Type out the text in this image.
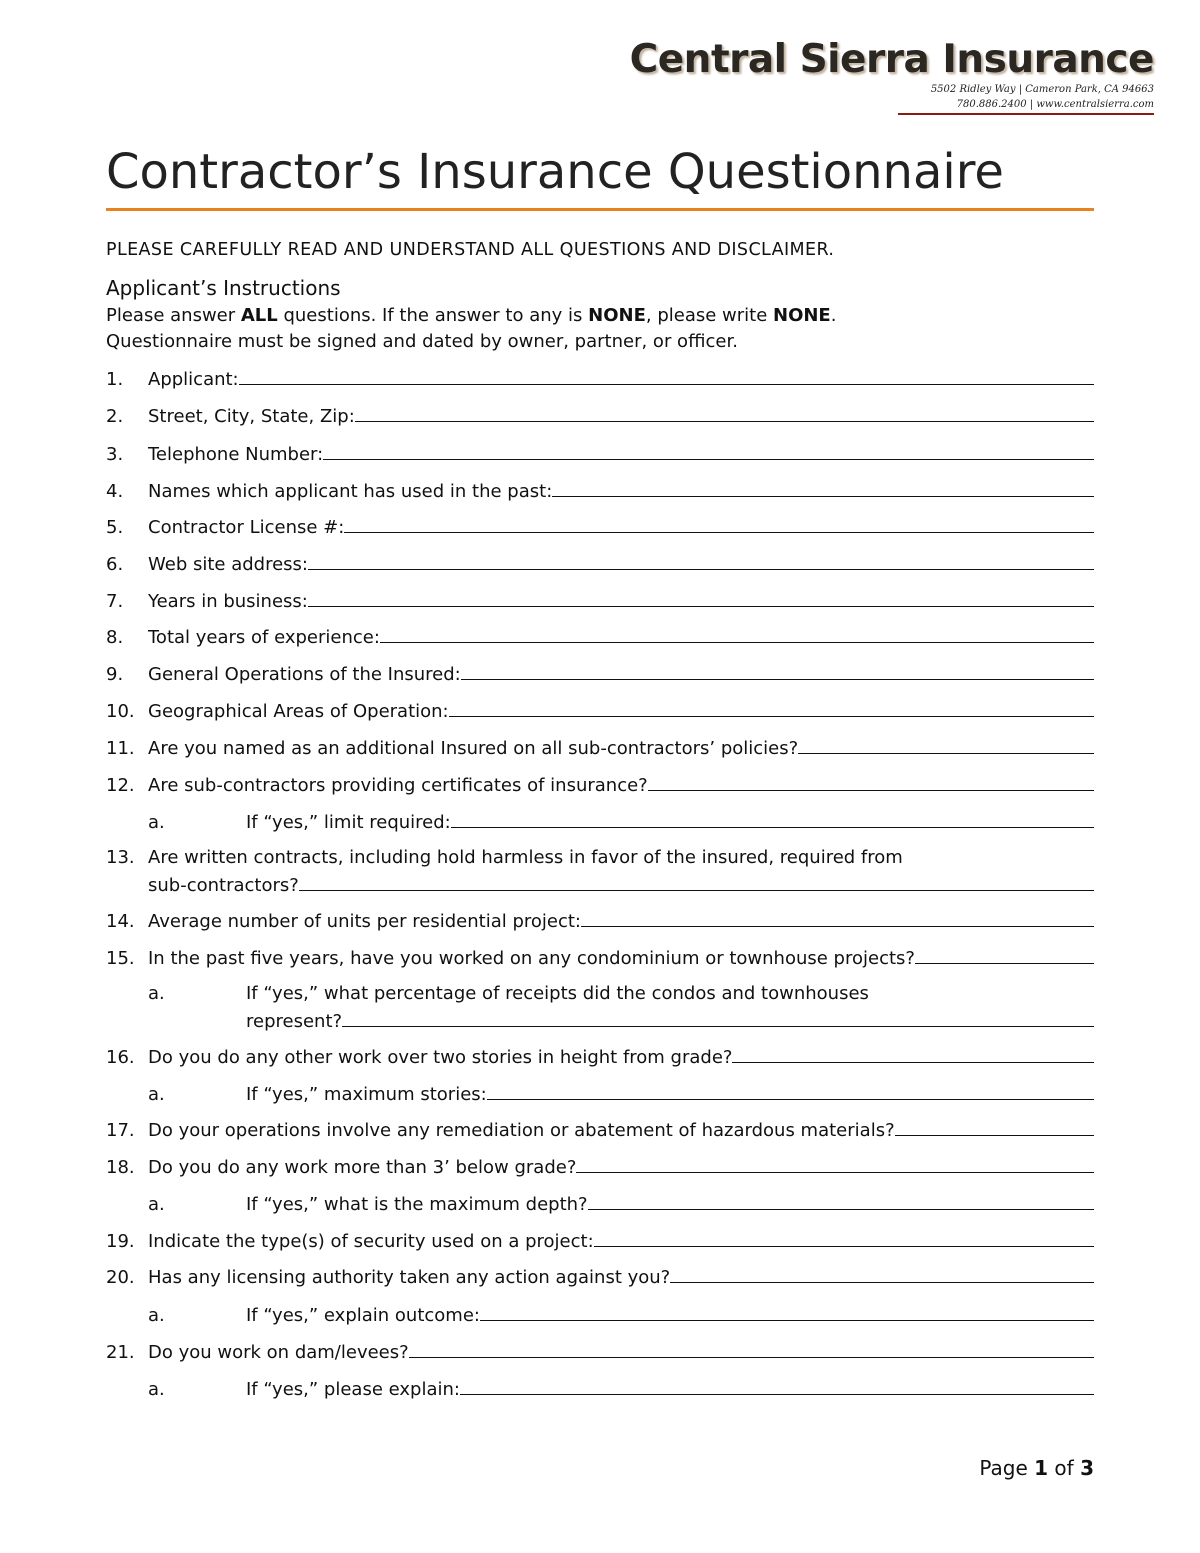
Central Sierra Insurance
5502 Ridley Way | Cameron Park, CA 94663
780.886.2400 | www.centralsierra.com
Contractor’s Insurance Questionnaire
PLEASE CAREFULLY READ AND UNDERSTAND ALL QUESTIONS AND DISCLAIMER.
Applicant’s Instructions
Please answer ALL questions. If the answer to any is NONE, please write NONE.
Questionnaire must be signed and dated by owner, partner, or officer.
1.	Applicant:
2.	Street, City, State, Zip:
3.	Telephone Number:
4.	Names which applicant has used in the past:
5.	Contractor License #:
6.	Web site address:
7.	Years in business:
8.	Total years of experience:
9.	General Operations of the Insured:
10. Geographical Areas of Operation:
11. Are you named as an additional Insured on all sub-contractors’ policies?
12. Are sub-contractors providing certificates of insurance?
a.	If “yes,” limit required:
13. Are written contracts, including hold harmless in favor of the insured, required from
sub-contractors?
14. Average number of units per residential project:
15. In the past five years, have you worked on any condominium or townhouse projects?
a.	If “yes,” what percentage of receipts did the condos and townhouses
represent?
16. Do you do any other work over two stories in height from grade?
a.	If “yes,” maximum stories:
17. Do your operations involve any remediation or abatement of hazardous materials?
18. Do you do any work more than 3’ below grade?
a.	If “yes,” what is the maximum depth?
19. Indicate the type(s) of security used on a project:
20. Has any licensing authority taken any action against you?
a.	If “yes,” explain outcome:
21. Do you work on dam/levees?
a.	If “yes,” please explain:
Page 1 of 3
